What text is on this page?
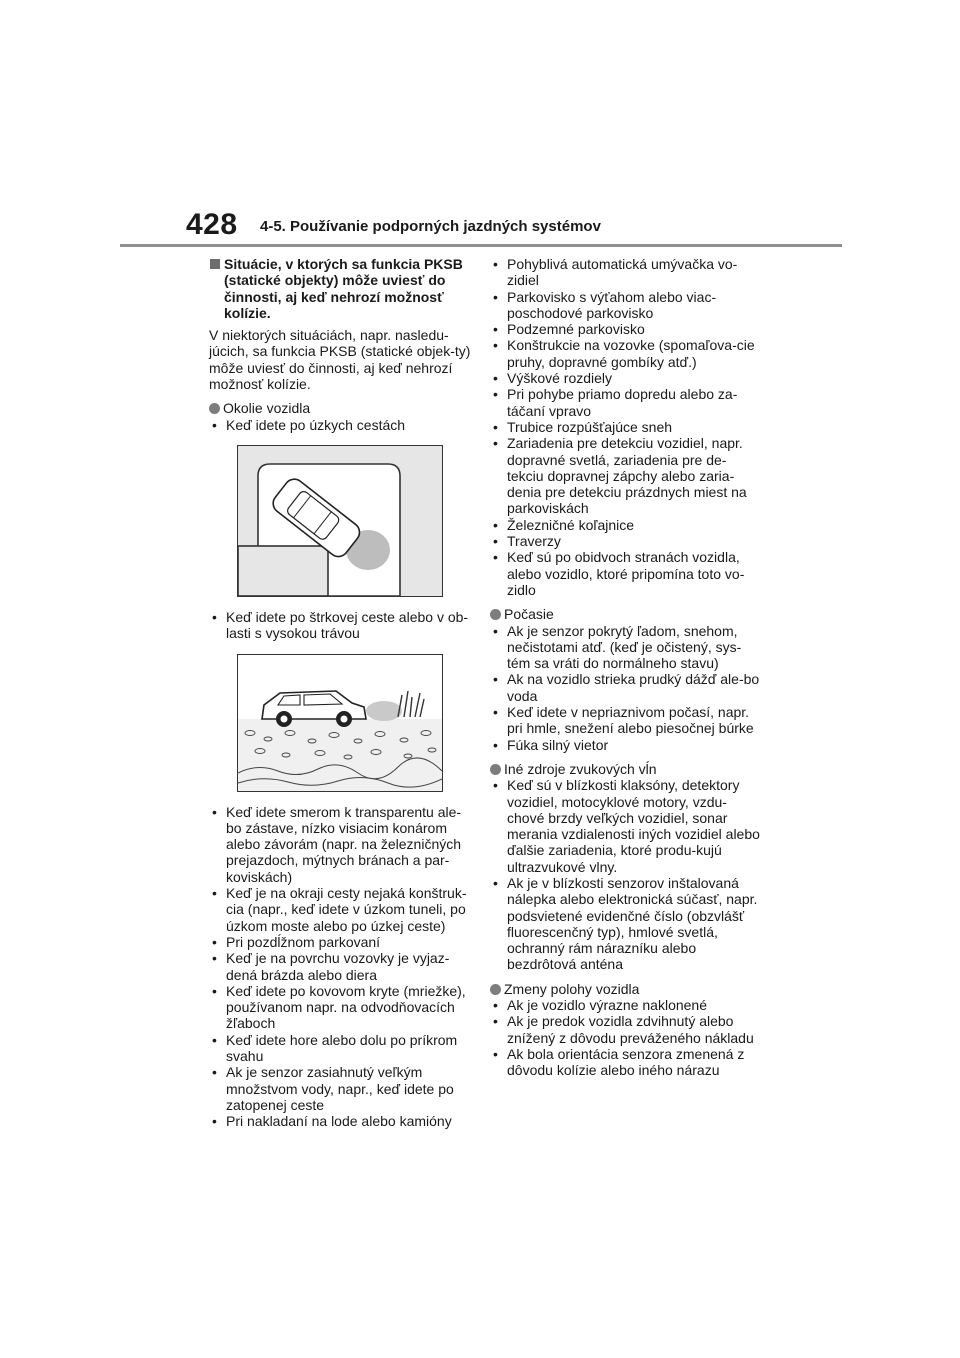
428 4-5. Používanie podporných jazdných systémov
Situácie, v ktorých sa funkcia PKSB (statické objekty) môže uviesť do činnosti, aj keď nehrozí možnosť kolízie.
V niektorých situáciách, napr. nasledu-júcich, sa funkcia PKSB (statické objek-ty) môže uviesť do činnosti, aj keď nehrozí možnosť kolízie.
Okolie vozidla
• Keď idete po úzkych cestách
• Keď idete po štrkovej ceste alebo v ob-lasti s vysokou trávou
• Keď idete smerom k transparentu ale-bo zástave, nízko visiacim konárom alebo závorám (napr. na železničných prejazdoch, mýtnych bránach a par-koviskách)
• Keď je na okraji cesty nejaká konštruk-cia (napr., keď idete v úzkom tuneli, po úzkom moste alebo po úzkej ceste)
• Pri pozdĺžnom parkovaní
• Keď je na povrchu vozovky je vyjaz-dená brázda alebo diera
• Keď idete po kovovom kryte (mriežke), používanom napr. na odvodňovacích žľaboch
• Keď idete hore alebo dolu po príkrom svahu
• Ak je senzor zasiahnutý veľkým množstvom vody, napr., keď idete po zatopenej ceste
• Pri nakladaní na lode alebo kamióny
• Pohyblivá automatická umývačka vo-zidiel
• Parkovisko s výťahom alebo viac-poschodové parkovisko
• Podzemné parkovisko
• Konštrukcie na vozovke (spomaľova-cie pruhy, dopravné gombíky atď.)
• Výškové rozdiely
• Pri pohybe priamo dopredu alebo za-táčaní vpravo
• Trubice rozpúšťajúce sneh
• Zariadenia pre detekciu vozidiel, napr. dopravné svetlá, zariadenia pre de-tekciu dopravnej zápchy alebo zaria-denia pre detekciu prázdnych miest na parkoviskách
• Železničné koľajnice
• Traverzy
• Keď sú po obidvoch stranách vozidla, alebo vozidlo, ktoré pripomína toto vo-zidlo
Počasie
• Ak je senzor pokrytý ľadom, snehom, nečistotami atď. (keď je očistený, sys-tém sa vráti do normálneho stavu)
• Ak na vozidlo strieka prudký dážď ale-bo voda
• Keď idete v nepriaznivom počasí, napr. pri hmle, snežení alebo piesočnej búrke
• Fúka silný vietor
Iné zdroje zvukových vĺn
• Keď sú v blízkosti klaksóny, detektory vozidiel, motocyklové motory, vzdu-chové brzdy veľkých vozidiel, sonar merania vzdialenosti iných vozidiel alebo ďalšie zariadenia, ktoré produ-kujú ultrazvukové vlny.
• Ak je v blízkosti senzorov inštalovaná nálepka alebo elektronická súčasť, napr. podsvietené evidenčné číslo (obzvlášť fluorescenčný typ), hmlové svetlá, ochranný rám nárazníku alebo bezdrôtová anténa
Zmeny polohy vozidla
• Ak je vozidlo výrazne naklonené
• Ak je predok vozidla zdvihnutý alebo znížený z dôvodu preváženého nákladu
• Ak bola orientácia senzora zmenená z dôvodu kolízie alebo iného nárazu
